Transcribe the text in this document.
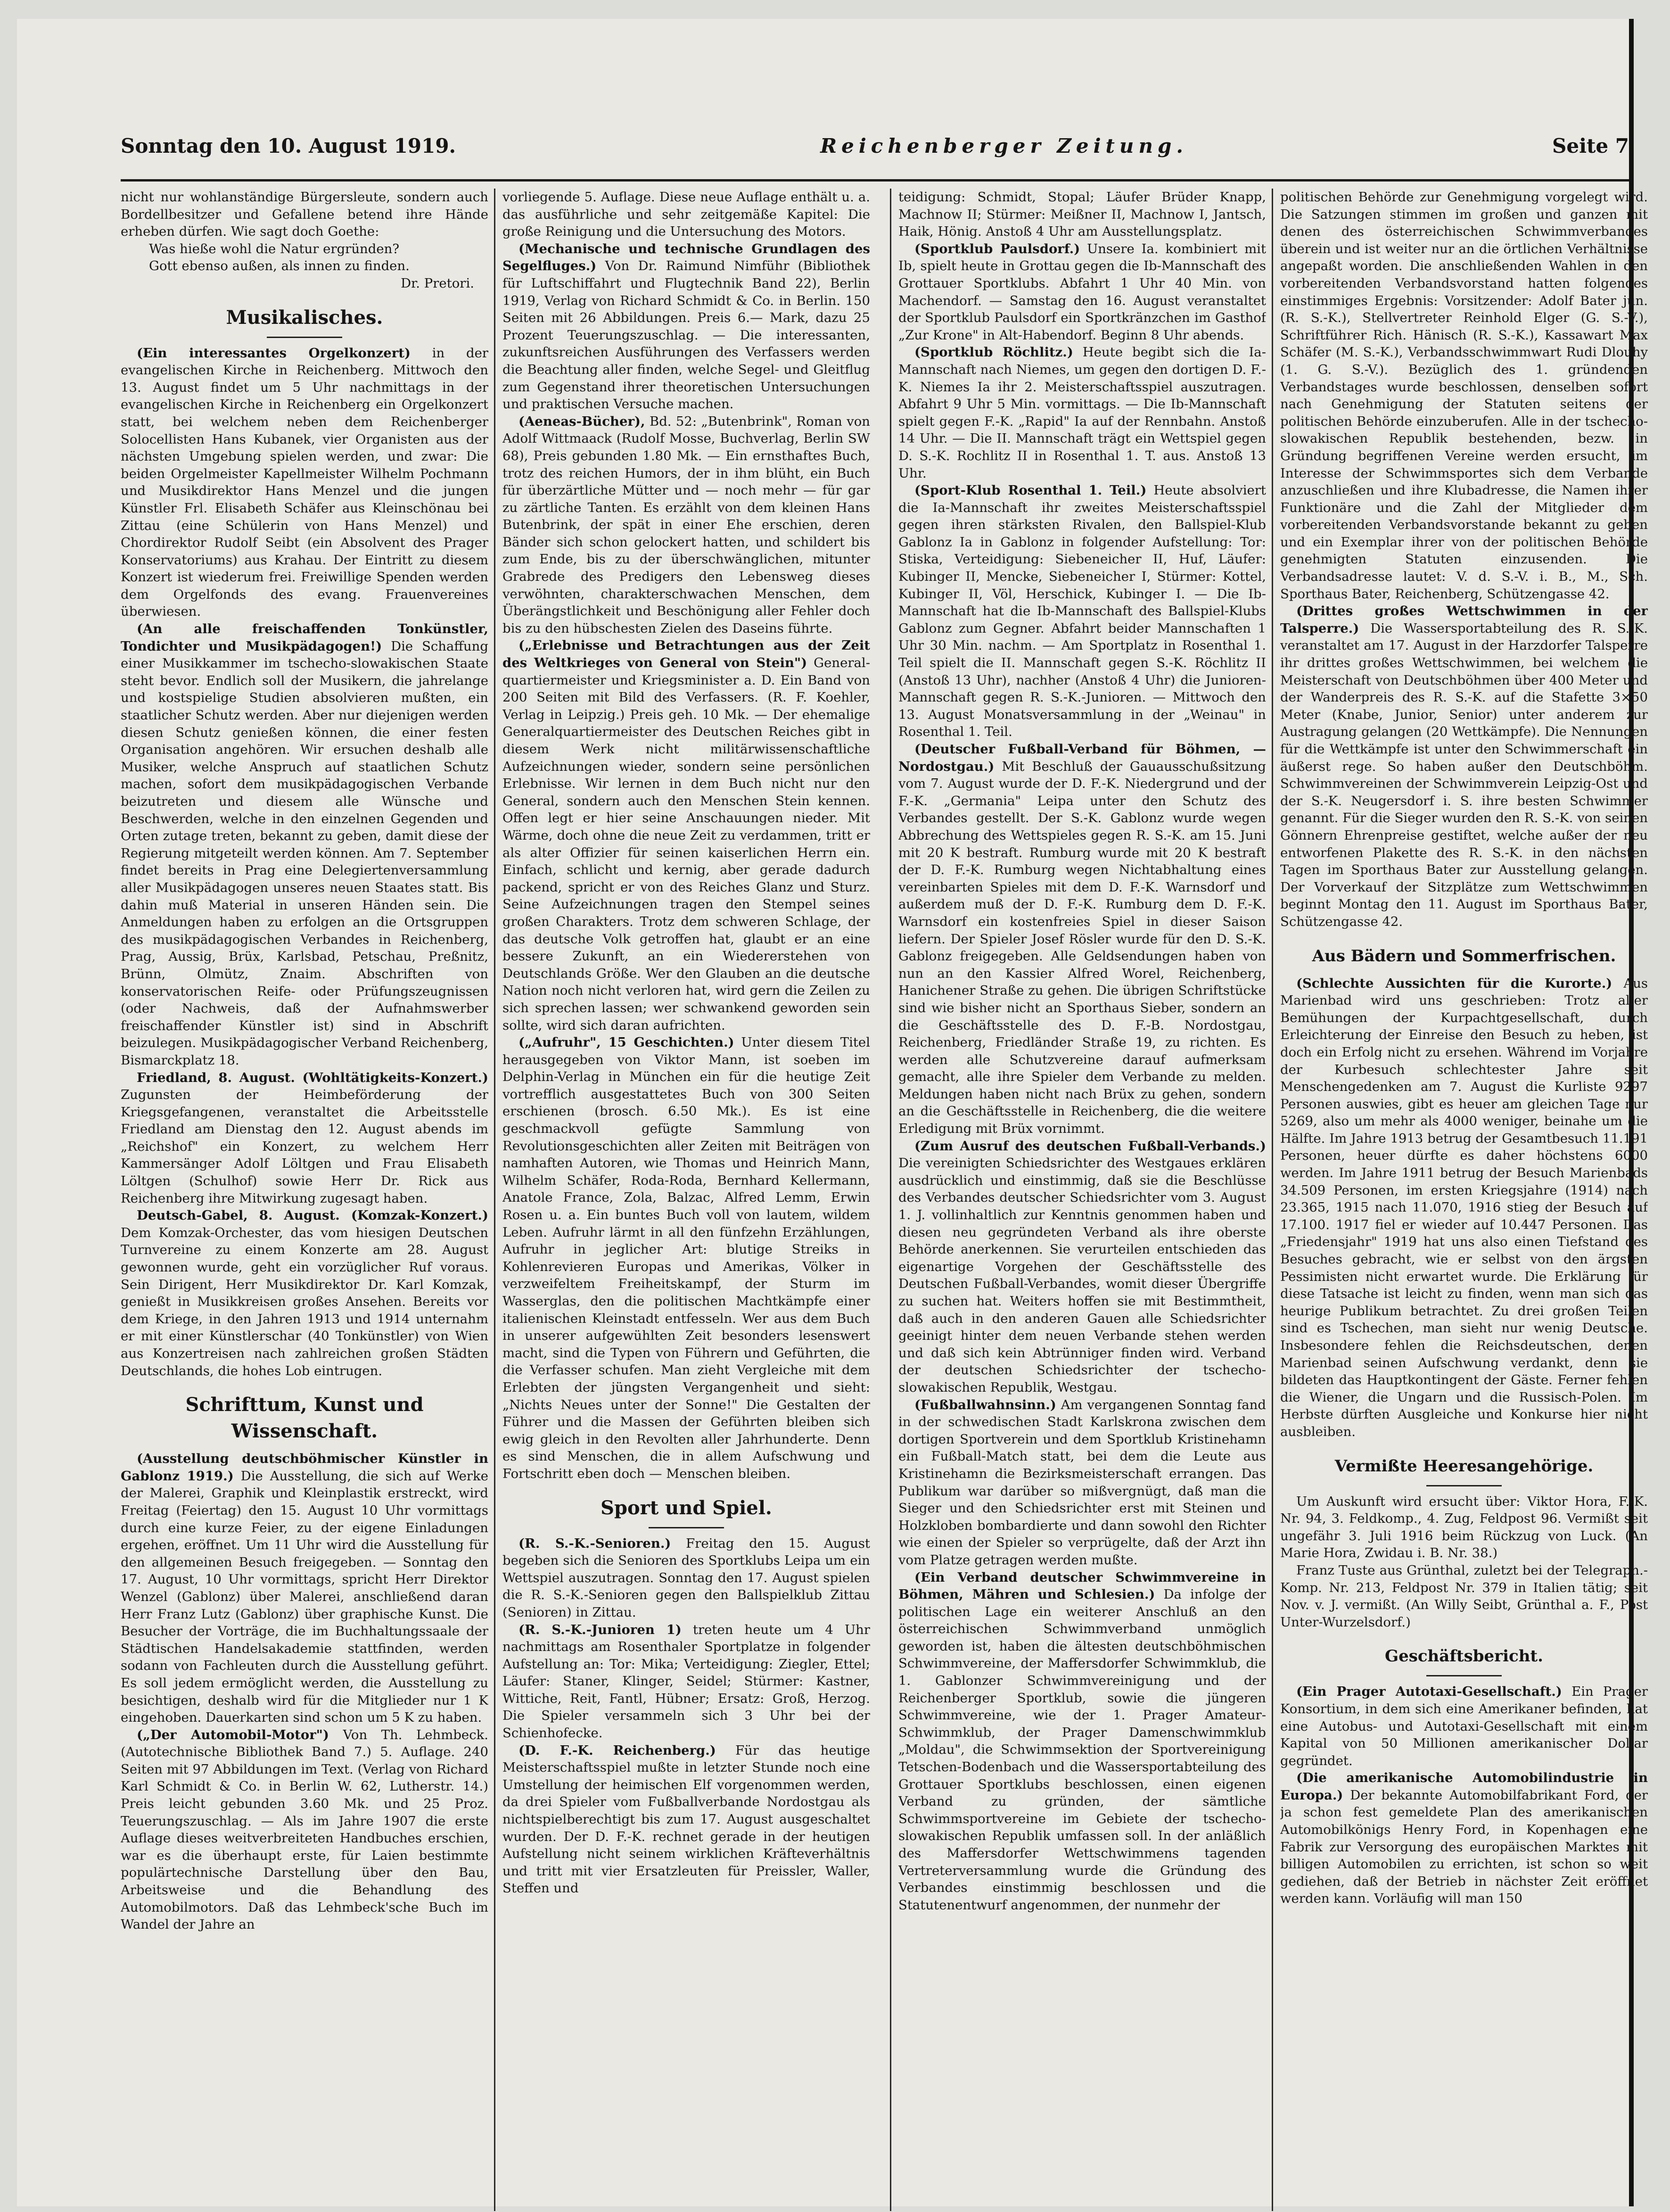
Sonntag den 10. August 1919.	Reichenberger Zeitung.	Seite 7

nicht nur wohlanständige Bürgersleute, sondern auch Bordellbesitzer und Gefallene betend ihre Hände erheben dürfen. Wie sagt doch Goethe:

Was hieße wohl die Natur ergründen?

Gott ebenso außen, als innen zu finden.

Dr. Pretori.

Musikalisches.

(Ein interessantes Orgelkonzert) in der evangelischen Kirche in Reichenberg. Mittwoch den 13. August findet um 5 Uhr nachmittags in der evangelischen Kirche in Reichenberg ein Orgelkonzert statt, bei welchem neben dem Reichenberger Solocellisten Hans Kubanek, vier Organisten aus der nächsten Umgebung spielen werden, und zwar: Die beiden Orgelmeister Kapellmeister Wilhelm Pochmann und Musikdirektor Hans Menzel und die jungen Künstler Frl. Elisabeth Schäfer aus Kleinschönau bei Zittau (eine Schülerin von Hans Menzel) und Chordirektor Rudolf Seibt (ein Absolvent des Prager Konservatoriums) aus Krahau. Der Eintritt zu diesem Konzert ist wiederum frei. Freiwillige Spenden werden dem Orgelfonds des evang. Frauenvereines überwiesen.

(An alle freischaffenden Tonkünstler, Tondichter und Musikpädagogen!) Die Schaffung einer Musikkammer im tschecho-slowakischen Staate steht bevor. Endlich soll der Musikern, die jahrelange und kostspielige Studien absolvieren mußten, ein staatlicher Schutz werden. Aber nur diejenigen werden diesen Schutz genießen können, die einer festen Organisation angehören. Wir ersuchen deshalb alle Musiker, welche Anspruch auf staatlichen Schutz machen, sofort dem musikpädagogischen Verbande beizutreten und diesem alle Wünsche und Beschwerden, welche in den einzelnen Gegenden und Orten zutage treten, bekannt zu geben, damit diese der Regierung mitgeteilt werden können. Am 7. September findet bereits in Prag eine Delegiertenversammlung aller Musikpädagogen unseres neuen Staates statt. Bis dahin muß Material in unseren Händen sein. Die Anmeldungen haben zu erfolgen an die Ortsgruppen des musikpädagogischen Verbandes in Reichenberg, Prag, Aussig, Brüx, Karlsbad, Petschau, Preßnitz, Brünn, Olmütz, Znaim. Abschriften von konservatorischen Reife- oder Prüfungszeugnissen (oder Nachweis, daß der Aufnahmswerber freischaffender Künstler ist) sind in Abschrift beizulegen. Musikpädagogischer Verband Reichenberg, Bismarckplatz 18.

Friedland, 8. August. (Wohltätigkeits-Konzert.) Zugunsten der Heimbeförderung der Kriegsgefangenen, veranstaltet die Arbeitsstelle Friedland am Dienstag den 12. August abends im „Reichshof" ein Konzert, zu welchem Herr Kammersänger Adolf Löltgen und Frau Elisabeth Löltgen (Schulhof) sowie Herr Dr. Rick aus Reichenberg ihre Mitwirkung zugesagt haben.

Deutsch-Gabel, 8. August. (Komzak-Konzert.) Dem Komzak-Orchester, das vom hiesigen Deutschen Turnvereine zu einem Konzerte am 28. August gewonnen wurde, geht ein vorzüglicher Ruf voraus. Sein Dirigent, Herr Musikdirektor Dr. Karl Komzak, genießt in Musikkreisen großes Ansehen. Bereits vor dem Kriege, in den Jahren 1913 und 1914 unternahm er mit einer Künstlerschar (40 Tonkünstler) von Wien aus Konzertreisen nach zahlreichen großen Städten Deutschlands, die hohes Lob eintrugen.

Schrifttum, Kunst und Wissenschaft.

(Ausstellung deutschböhmischer Künstler in Gablonz 1919.) Die Ausstellung, die sich auf Werke der Malerei, Graphik und Kleinplastik erstreckt, wird Freitag (Feiertag) den 15. August 10 Uhr vormittags durch eine kurze Feier, zu der eigene Einladungen ergehen, eröffnet. Um 11 Uhr wird die Ausstellung für den allgemeinen Besuch freigegeben. — Sonntag den 17. August, 10 Uhr vormittags, spricht Herr Direktor Wenzel (Gablonz) über Malerei, anschließend daran Herr Franz Lutz (Gablonz) über graphische Kunst. Die Besucher der Vorträge, die im Buchhaltungssaale der Städtischen Handelsakademie stattfinden, werden sodann von Fachleuten durch die Ausstellung geführt. Es soll jedem ermöglicht werden, die Ausstellung zu besichtigen, deshalb wird für die Mitglieder nur 1 K eingehoben. Dauerkarten sind schon um 5 K zu haben.

(„Der Automobil-Motor") Von Th. Lehmbeck. (Autotechnische Bibliothek Band 7.) 5. Auflage. 240 Seiten mit 97 Abbildungen im Text. (Verlag von Richard Karl Schmidt & Co. in Berlin W. 62, Lutherstr. 14.) Preis leicht gebunden 3.60 Mk. und 25 Proz. Teuerungszuschlag. — Als im Jahre 1907 die erste Auflage dieses weitverbreiteten Handbuches erschien, war es die überhaupt erste, für Laien bestimmte populärtechnische Darstellung über den Bau, Arbeitsweise und die Behandlung des Automobilmotors. Daß das Lehmbeck'sche Buch im Wandel der Jahre an

vorliegende 5. Auflage. Diese neue Auflage enthält u. a. das ausführliche und sehr zeitgemäße Kapitel: Die große Reinigung und die Untersuchung des Motors.

(Mechanische und technische Grundlagen des Segelfluges.) Von Dr. Raimund Nimführ (Bibliothek für Luftschiffahrt und Flugtechnik Band 22), Berlin 1919, Verlag von Richard Schmidt & Co. in Berlin. 150 Seiten mit 26 Abbildungen. Preis 6.— Mark, dazu 25 Prozent Teuerungszuschlag. — Die interessanten, zukunftsreichen Ausführungen des Verfassers werden die Beachtung aller finden, welche Segel- und Gleitflug zum Gegenstand ihrer theoretischen Untersuchungen und praktischen Versuche machen.

(Aeneas-Bücher), Bd. 52: „Butenbrink", Roman von Adolf Wittmaack (Rudolf Mosse, Buchverlag, Berlin SW 68), Preis gebunden 1.80 Mk. — Ein ernsthaftes Buch, trotz des reichen Humors, der in ihm blüht, ein Buch für überzärtliche Mütter und — noch mehr — für gar zu zärtliche Tanten. Es erzählt von dem kleinen Hans Butenbrink, der spät in einer Ehe erschien, deren Bänder sich schon gelockert hatten, und schildert bis zum Ende, bis zu der überschwänglichen, mitunter Grabrede des Predigers den Lebensweg dieses verwöhnten, charakterschwachen Menschen, dem Überängstlichkeit und Beschönigung aller Fehler doch bis zu den hübschesten Zielen des Daseins führte.

(„Erlebnisse und Betrachtungen aus der Zeit des Weltkrieges von General von Stein") General-quartiermeister und Kriegsminister a. D. Ein Band von 200 Seiten mit Bild des Verfassers. (R. F. Koehler, Verlag in Leipzig.) Preis geh. 10 Mk. — Der ehemalige Generalquartiermeister des Deutschen Reiches gibt in diesem Werk nicht militärwissenschaftliche Aufzeichnungen wieder, sondern seine persönlichen Erlebnisse. Wir lernen in dem Buch nicht nur den General, sondern auch den Menschen Stein kennen. Offen legt er hier seine Anschauungen nieder. Mit Wärme, doch ohne die neue Zeit zu verdammen, tritt er als alter Offizier für seinen kaiserlichen Herrn ein. Einfach, schlicht und kernig, aber gerade dadurch packend, spricht er von des Reiches Glanz und Sturz. Seine Aufzeichnungen tragen den Stempel seines großen Charakters. Trotz dem schweren Schlage, der das deutsche Volk getroffen hat, glaubt er an eine bessere Zukunft, an ein Wiedererstehen von Deutschlands Größe. Wer den Glauben an die deutsche Nation noch nicht verloren hat, wird gern die Zeilen zu sich sprechen lassen; wer schwankend geworden sein sollte, wird sich daran aufrichten.

(„Aufruhr", 15 Geschichten.) Unter diesem Titel herausgegeben von Viktor Mann, ist soeben im Delphin-Verlag in München ein für die heutige Zeit vortrefflich ausgestattetes Buch von 300 Seiten erschienen (brosch. 6.50 Mk.). Es ist eine geschmackvoll gefügte Sammlung von Revolutionsgeschichten aller Zeiten mit Beiträgen von namhaften Autoren, wie Thomas und Heinrich Mann, Wilhelm Schäfer, Roda-Roda, Bernhard Kellermann, Anatole France, Zola, Balzac, Alfred Lemm, Erwin Rosen u. a. Ein buntes Buch voll von lautem, wildem Leben. Aufruhr lärmt in all den fünfzehn Erzählungen, Aufruhr in jeglicher Art: blutige Streiks in Kohlenrevieren Europas und Amerikas, Völker in verzweifeltem Freiheitskampf, der Sturm im Wasserglas, den die politischen Machtkämpfe einer italienischen Kleinstadt entfesseln. Wer aus dem Buch in unserer aufgewühlten Zeit besonders lesenswert macht, sind die Typen von Führern und Geführten, die die Verfasser schufen. Man zieht Vergleiche mit dem Erlebten der jüngsten Vergangenheit und sieht: „Nichts Neues unter der Sonne!" Die Gestalten der Führer und die Massen der Geführten bleiben sich ewig gleich in den Revolten aller Jahrhunderte. Denn es sind Menschen, die in allem Aufschwung und Fortschritt eben doch — Menschen bleiben.

Sport und Spiel.

(R. S.-K.-Senioren.) Freitag den 15. August begeben sich die Senioren des Sportklubs Leipa um ein Wettspiel auszutragen. Sonntag den 17. August spielen die R. S.-K.-Senioren gegen den Ballspielklub Zittau (Senioren) in Zittau.

(R. S.-K.-Junioren 1) treten heute um 4 Uhr nachmittags am Rosenthaler Sportplatze in folgender Aufstellung an: Tor: Mika; Verteidigung: Ziegler, Ettel; Läufer: Staner, Klinger, Seidel; Stürmer: Kastner, Wittiche, Reit, Fantl, Hübner; Ersatz: Groß, Herzog. Die Spieler versammeln sich 3 Uhr bei der Schienhofecke.

(D. F.-K. Reichenberg.) Für das heutige Meisterschaftsspiel mußte in letzter Stunde noch eine Umstellung der heimischen Elf vorgenommen werden, da drei Spieler vom Fußballverbande Nordostgau als nichtspielberechtigt bis zum 17. August ausgeschaltet wurden. Der D. F.-K. rechnet gerade in der heutigen Aufstellung nicht seinem wirklichen Kräfteverhältnis und tritt mit vier Ersatzleuten für Preissler, Waller, Steffen und

teidigung: Schmidt, Stopal; Läufer Brüder Knapp, Machnow II; Stürmer: Meißner II, Machnow I, Jantsch, Haik, Hönig. Anstoß 4 Uhr am Ausstellungsplatz.

(Sportklub Paulsdorf.) Unsere Ia. kombiniert mit Ib, spielt heute in Grottau gegen die Ib-Mannschaft des Grottauer Sportklubs. Abfahrt 1 Uhr 40 Min. von Machendorf. — Samstag den 16. August veranstaltet der Sportklub Paulsdorf ein Sportkränzchen im Gasthof „Zur Krone" in Alt-Habendorf. Beginn 8 Uhr abends.

(Sportklub Röchlitz.) Heute begibt sich die Ia-Mannschaft nach Niemes, um gegen den dortigen D. F.-K. Niemes Ia ihr 2. Meisterschaftsspiel auszutragen. Abfahrt 9 Uhr 5 Min. vormittags. — Die Ib-Mannschaft spielt gegen F.-K. „Rapid" Ia auf der Rennbahn. Anstoß 14 Uhr. — Die II. Mannschaft trägt ein Wettspiel gegen D. S.-K. Rochlitz II in Rosenthal 1. T. aus. Anstoß 13 Uhr.

(Sport-Klub Rosenthal 1. Teil.) Heute absolviert die Ia-Mannschaft ihr zweites Meisterschaftsspiel gegen ihren stärksten Rivalen, den Ballspiel-Klub Gablonz Ia in Gablonz in folgender Aufstellung: Tor: Stiska, Verteidigung: Siebeneicher II, Huf, Läufer: Kubinger II, Mencke, Siebeneicher I, Stürmer: Kottel, Kubinger II, Völ, Herschick, Kubinger I. — Die Ib-Mannschaft hat die Ib-Mannschaft des Ballspiel-Klubs Gablonz zum Gegner. Abfahrt beider Mannschaften 1 Uhr 30 Min. nachm. — Am Sportplatz in Rosenthal 1. Teil spielt die II. Mannschaft gegen S.-K. Röchlitz II (Anstoß 13 Uhr), nachher (Anstoß 4 Uhr) die Junioren-Mannschaft gegen R. S.-K.-Junioren. — Mittwoch den 13. August Monatsversammlung in der „Weinau" in Rosenthal 1. Teil.

(Deutscher Fußball-Verband für Böhmen, — Nordostgau.) Mit Beschluß der Gauausschußsitzung vom 7. August wurde der D. F.-K. Niedergrund und der F.-K. „Germania" Leipa unter den Schutz des Verbandes gestellt. Der S.-K. Gablonz wurde wegen Abbrechung des Wettspieles gegen R. S.-K. am 15. Juni mit 20 K bestraft. Rumburg wurde mit 20 K bestraft der D. F.-K. Rumburg wegen Nichtabhaltung eines vereinbarten Spieles mit dem D. F.-K. Warnsdorf und außerdem muß der D. F.-K. Rumburg dem D. F.-K. Warnsdorf ein kostenfreies Spiel in dieser Saison liefern. Der Spieler Josef Rösler wurde für den D. S.-K. Gablonz freigegeben. Alle Geldsendungen haben von nun an den Kassier Alfred Worel, Reichenberg, Hanichener Straße zu gehen. Die übrigen Schriftstücke sind wie bisher nicht an Sporthaus Sieber, sondern an die Geschäftsstelle des D. F.-B. Nordostgau, Reichenberg, Friedländer Straße 19, zu richten. Es werden alle Schutzvereine darauf aufmerksam gemacht, alle ihre Spieler dem Verbande zu melden. Meldungen haben nicht nach Brüx zu gehen, sondern an die Geschäftsstelle in Reichenberg, die die weitere Erledigung mit Brüx vornimmt.

(Zum Ausruf des deutschen Fußball-Verbands.) Die vereinigten Schiedsrichter des Westgaues erklären ausdrücklich und einstimmig, daß sie die Beschlüsse des Verbandes deutscher Schiedsrichter vom 3. August 1. J. vollinhaltlich zur Kenntnis genommen haben und diesen neu gegründeten Verband als ihre oberste Behörde anerkennen. Sie verurteilen entschieden das eigenartige Vorgehen der Geschäftsstelle des Deutschen Fußball-Verbandes, womit dieser Übergriffe zu suchen hat. Weiters hoffen sie mit Bestimmtheit, daß auch in den anderen Gauen alle Schiedsrichter geeinigt hinter dem neuen Verbande stehen werden und daß sich kein Abtrünniger finden wird. Verband der deutschen Schiedsrichter der tschecho-slowakischen Republik, Westgau.

(Fußballwahnsinn.) Am vergangenen Sonntag fand in der schwedischen Stadt Karlskrona zwischen dem dortigen Sportverein und dem Sportklub Kristinehamn ein Fußball-Match statt, bei dem die Leute aus Kristinehamn die Bezirksmeisterschaft errangen. Das Publikum war darüber so mißvergnügt, daß man die Sieger und den Schiedsrichter erst mit Steinen und Holzkloben bombardierte und dann sowohl den Richter wie einen der Spieler so verprügelte, daß der Arzt ihn vom Platze getragen werden mußte.

(Ein Verband deutscher Schwimmvereine in Böhmen, Mähren und Schlesien.) Da infolge der politischen Lage ein weiterer Anschluß an den österreichischen Schwimmverband unmöglich geworden ist, haben die ältesten deutschböhmischen Schwimmvereine, der Maffersdorfer Schwimmklub, die 1. Gablonzer Schwimmvereinigung und der Reichenberger Sportklub, sowie die jüngeren Schwimmvereine, wie der 1. Prager Amateur-Schwimmklub, der Prager Damenschwimmklub „Moldau", die Schwimmsektion der Sportvereinigung Tetschen-Bodenbach und die Wassersportabteilung des Grottauer Sportklubs beschlossen, einen eigenen Verband zu gründen, der sämtliche Schwimmsportvereine im Gebiete der tschecho-slowakischen Republik umfassen soll. In der anläßlich des Maffersdorfer Wettschwimmens tagenden Vertreterversammlung wurde die Gründung des Verbandes einstimmig beschlossen und die Statutenentwurf angenommen, der nunmehr der

politischen Behörde zur Genehmigung vorgelegt wird. Die Satzungen stimmen im großen und ganzen mit denen des österreichischen Schwimmverbandes überein und ist weiter nur an die örtlichen Verhältnisse angepaßt worden. Die anschließenden Wahlen in den vorbereitenden Verbandsvorstand hatten folgendes einstimmiges Ergebnis: Vorsitzender: Adolf Bater jun. (R. S.-K.), Stellvertreter Reinhold Elger (G. S.-V.), Schriftführer Rich. Hänisch (R. S.-K.), Kassawart Max Schäfer (M. S.-K.), Verbandsschwimmwart Rudi Dlouhy (1. G. S.-V.). Bezüglich des 1. gründenden Verbandstages wurde beschlossen, denselben sofort nach Genehmigung der Statuten seitens der politischen Behörde einzuberufen. Alle in der tschecho-slowakischen Republik bestehenden, bezw. in Gründung begriffenen Vereine werden ersucht, im Interesse der Schwimmsportes sich dem Verbande anzuschließen und ihre Klubadresse, die Namen ihrer Funktionäre und die Zahl der Mitglieder dem vorbereitenden Verbandsvorstande bekannt zu geben und ein Exemplar ihrer von der politischen Behörde genehmigten Statuten einzusenden. Die Verbandsadresse lautet: V. d. S.-V. i. B., M., Sch. Sporthaus Bater, Reichenberg, Schützengasse 42.

(Drittes großes Wettschwimmen in der Talsperre.) Die Wassersportabteilung des R. S.-K. veranstaltet am 17. August in der Harzdorfer Talsperre ihr drittes großes Wettschwimmen, bei welchem die Meisterschaft von Deutschböhmen über 400 Meter und der Wanderpreis des R. S.-K. auf die Stafette 3×50 Meter (Knabe, Junior, Senior) unter anderem zur Austragung gelangen (20 Wettkämpfe). Die Nennungen für die Wettkämpfe ist unter den Schwimmerschaft ein äußerst rege. So haben außer den Deutschböhm. Schwimmvereinen der Schwimmverein Leipzig-Ost und der S.-K. Neugersdorf i. S. ihre besten Schwimmer genannt. Für die Sieger wurden den R. S.-K. von seinen Gönnern Ehrenpreise gestiftet, welche außer der neu entworfenen Plakette des R. S.-K. in den nächsten Tagen im Sporthaus Bater zur Ausstellung gelangen. Der Vorverkauf der Sitzplätze zum Wettschwimmen beginnt Montag den 11. August im Sporthaus Bater, Schützengasse 42.

Aus Bädern und Sommerfrischen.

(Schlechte Aussichten für die Kurorte.) Aus Marienbad wird uns geschrieben: Trotz aller Bemühungen der Kurpachtgesellschaft, durch Erleichterung der Einreise den Besuch zu heben, ist doch ein Erfolg nicht zu ersehen. Während im Vorjahre der Kurbesuch schlechtester Jahre seit Menschengedenken am 7. August die Kurliste 9297 Personen auswies, gibt es heuer am gleichen Tage nur 5269, also um mehr als 4000 weniger, beinahe um die Hälfte. Im Jahre 1913 betrug der Gesamtbesuch 11.191 Personen, heuer dürfte es daher höchstens 6000 werden. Im Jahre 1911 betrug der Besuch Marienbads 34.509 Personen, im ersten Kriegsjahre (1914) nach 23.365, 1915 nach 11.070, 1916 stieg der Besuch auf 17.100. 1917 fiel er wieder auf 10.447 Personen. Das „Friedensjahr" 1919 hat uns also einen Tiefstand des Besuches gebracht, wie er selbst von den ärgsten Pessimisten nicht erwartet wurde. Die Erklärung für diese Tatsache ist leicht zu finden, wenn man sich das heurige Publikum betrachtet. Zu drei großen Teilen sind es Tschechen, man sieht nur wenig Deutsche. Insbesondere fehlen die Reichsdeutschen, denen Marienbad seinen Aufschwung verdankt, denn sie bildeten das Hauptkontingent der Gäste. Ferner fehlen die Wiener, die Ungarn und die Russisch-Polen. Im Herbste dürften Ausgleiche und Konkurse hier nicht ausbleiben.

Vermißte Heeresangehörige.

Um Auskunft wird ersucht über: Viktor Hora, F.-K. Nr. 94, 3. Feldkomp., 4. Zug, Feldpost 96. Vermißt seit ungefähr 3. Juli 1916 beim Rückzug von Luck. (An Marie Hora, Zwidau i. B. Nr. 38.)

Franz Tuste aus Grünthal, zuletzt bei der Telegraph.-Komp. Nr. 213, Feldpost Nr. 379 in Italien tätig; seit Nov. v. J. vermißt. (An Willy Seibt, Grünthal a. F., Post Unter-Wurzelsdorf.)

Geschäftsbericht.

(Ein Prager Autotaxi-Gesellschaft.) Ein Prager Konsortium, in dem sich eine Amerikaner befinden, hat eine Autobus- und Autotaxi-Gesellschaft mit einem Kapital von 50 Millionen amerikanischer Dollar gegründet.

(Die amerikanische Automobilindustrie in Europa.) Der bekannte Automobilfabrikant Ford, der ja schon fest gemeldete Plan des amerikanischen Automobilkönigs Henry Ford, in Kopenhagen eine Fabrik zur Versorgung des europäischen Marktes mit billigen Automobilen zu errichten, ist schon so weit gediehen, daß der Betrieb in nächster Zeit eröffnet werden kann. Vorläufig will man 150
